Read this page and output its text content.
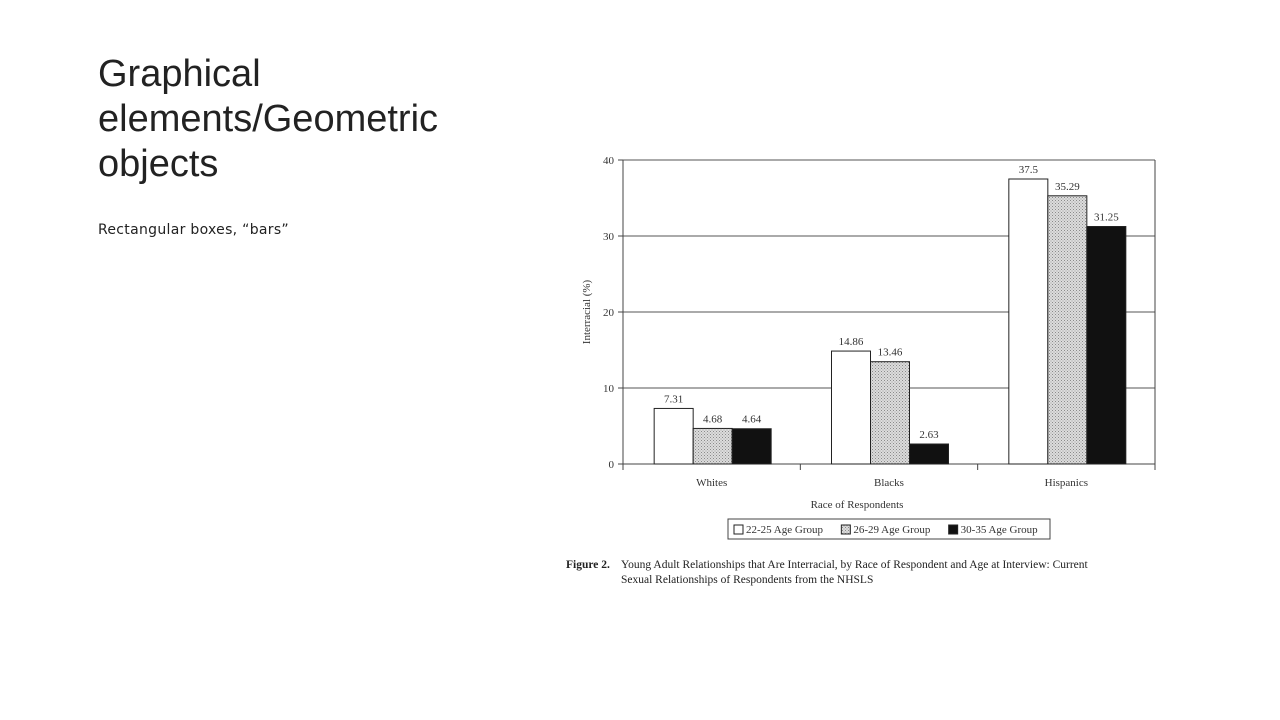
Graphical elements/Geometric objects
Rectangular boxes, “bars”
0
10
20
30
40
7.31
4.68 4.64
Whites
14.86
13.46
2.63
Blacks
37.5
35.29
31.25
Hispanics
Race of Respondents
Interracial (%)
22-25 Age Group	26-29 Age Group	30-35 Age Group
Figure 2. Young Adult Relationships that Are Interracial, by Race of Respondent and Age at Interview: Current
Sexual Relationships of Respondents from the NHSLS
